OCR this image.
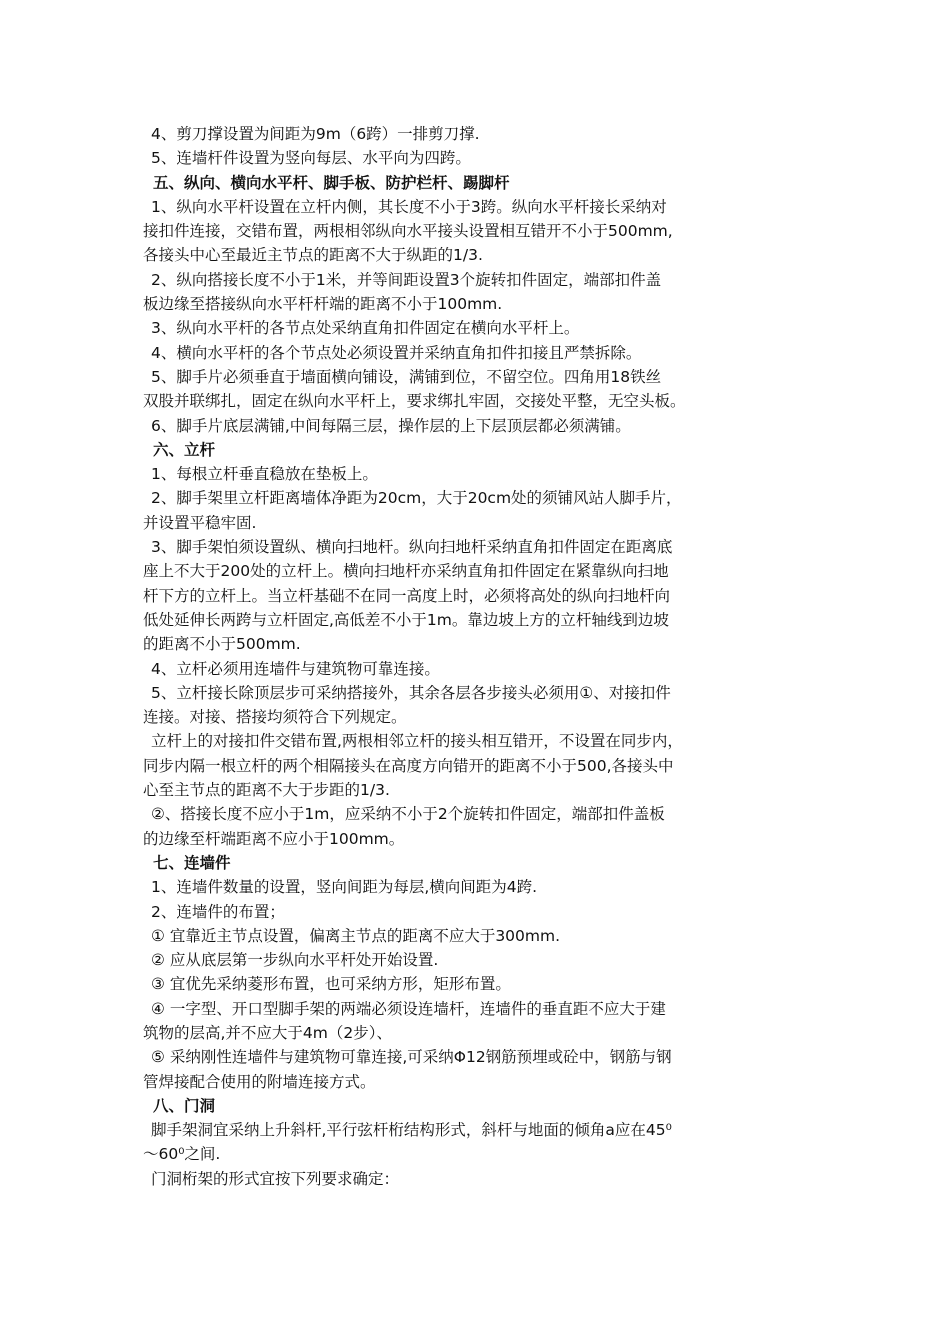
4、剪刀撑设置为间距为9m（6跨）一排剪刀撑.
5、连墙杆件设置为竖向每层、水平向为四跨。
五、纵向、横向水平杆、脚手板、防护栏杆、踢脚杆
1、纵向水平杆设置在立杆内侧，其长度不小于3跨。纵向水平杆接长采纳对
接扣件连接，交错布置，两根相邻纵向水平接头设置相互错开不小于500mm,
各接头中心至最近主节点的距离不大于纵距的1/3.
2、纵向搭接长度不小于1米，并等间距设置3个旋转扣件固定，端部扣件盖
板边缘至搭接纵向水平杆杆端的距离不小于100mm.
3、纵向水平杆的各节点处采纳直角扣件固定在横向水平杆上。
4、横向水平杆的各个节点处必须设置并采纳直角扣件扣接且严禁拆除。
5、脚手片必须垂直于墙面横向铺设，满铺到位，不留空位。四角用18铁丝
双股并联绑扎，固定在纵向水平杆上，要求绑扎牢固，交接处平整，无空头板。
6、脚手片底层满铺,中间每隔三层，操作层的上下层顶层都必须满铺。
六、立杆
1、每根立杆垂直稳放在垫板上。
2、脚手架里立杆距离墙体净距为20cm，大于20cm处的须铺风站人脚手片，
并设置平稳牢固.
3、脚手架怕须设置纵、横向扫地杆。纵向扫地杆采纳直角扣件固定在距离底
座上不大于200处的立杆上。横向扫地杆亦采纳直角扣件固定在紧靠纵向扫地
杆下方的立杆上。当立杆基础不在同一高度上时，必须将高处的纵向扫地杆向
低处延伸长两跨与立杆固定,高低差不小于1m。靠边坡上方的立杆轴线到边坡
的距离不小于500mm.
4、立杆必须用连墙件与建筑物可靠连接。
5、立杆接长除顶层步可采纳搭接外，其余各层各步接头必须用①、对接扣件
连接。对接、搭接均须符合下列规定。
立杆上的对接扣件交错布置,两根相邻立杆的接头相互错开，不设置在同步内，
同步内隔一根立杆的两个相隔接头在高度方向错开的距离不小于500,各接头中
心至主节点的距离不大于步距的1/3.
②、搭接长度不应小于1m，应采纳不小于2个旋转扣件固定，端部扣件盖板
的边缘至杆端距离不应小于100mm。
七、连墙件
1、连墙件数量的设置，竖向间距为每层,横向间距为4跨.
2、连墙件的布置；
① 宜靠近主节点设置，偏离主节点的距离不应大于300mm.
② 应从底层第一步纵向水平杆处开始设置.
③ 宜优先采纳菱形布置，也可采纳方形，矩形布置。
④ 一字型、开口型脚手架的两端必须设连墙杆，连墙件的垂直距不应大于建
筑物的层高,并不应大于4m（2步）、
⑤ 采纳刚性连墙件与建筑物可靠连接,可采纳Φ12钢筋预埋或砼中，钢筋与钢
管焊接配合使用的附墙连接方式。
八、门洞
脚手架洞宜采纳上升斜杆,平行弦杆桁结构形式，斜杆与地面的倾角a应在45⁰
～60⁰之间.
门洞桁架的形式宜按下列要求确定：
